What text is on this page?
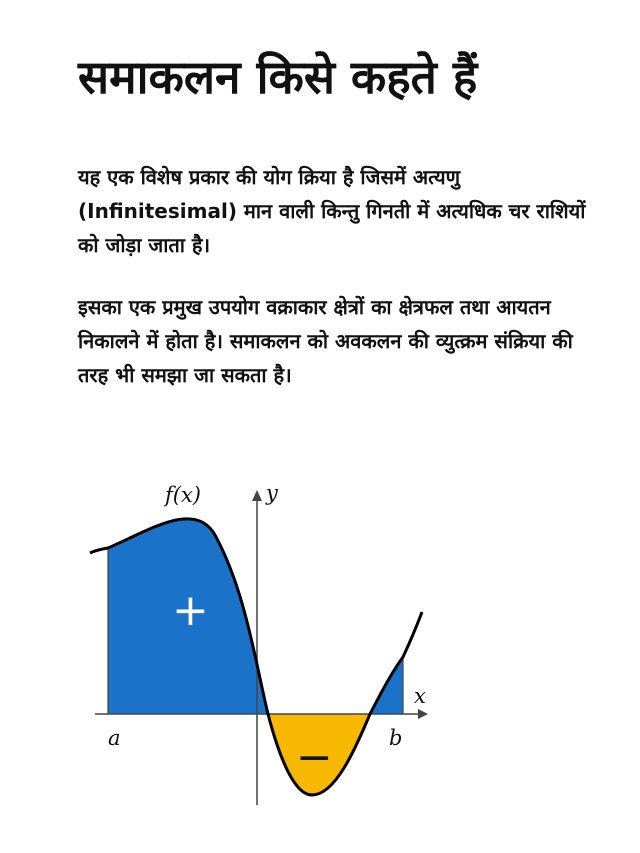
समाकलन किसे कहते हैं

यह एक विशेष प्रकार की योग क्रिया है जिसमें अत्यणु (Infinitesimal) मान वाली किन्तु गिनती में अत्यधिक चर राशियों को जोड़ा जाता है।

इसका एक प्रमुख उपयोग वक्राकार क्षेत्रों का क्षेत्रफल तथा आयतन निकालने में होता है। समाकलन को अवकलन की व्युत्क्रम संक्रिया की तरह भी समझा जा सकता है।

f(x)	y
x
a	b
+
−
